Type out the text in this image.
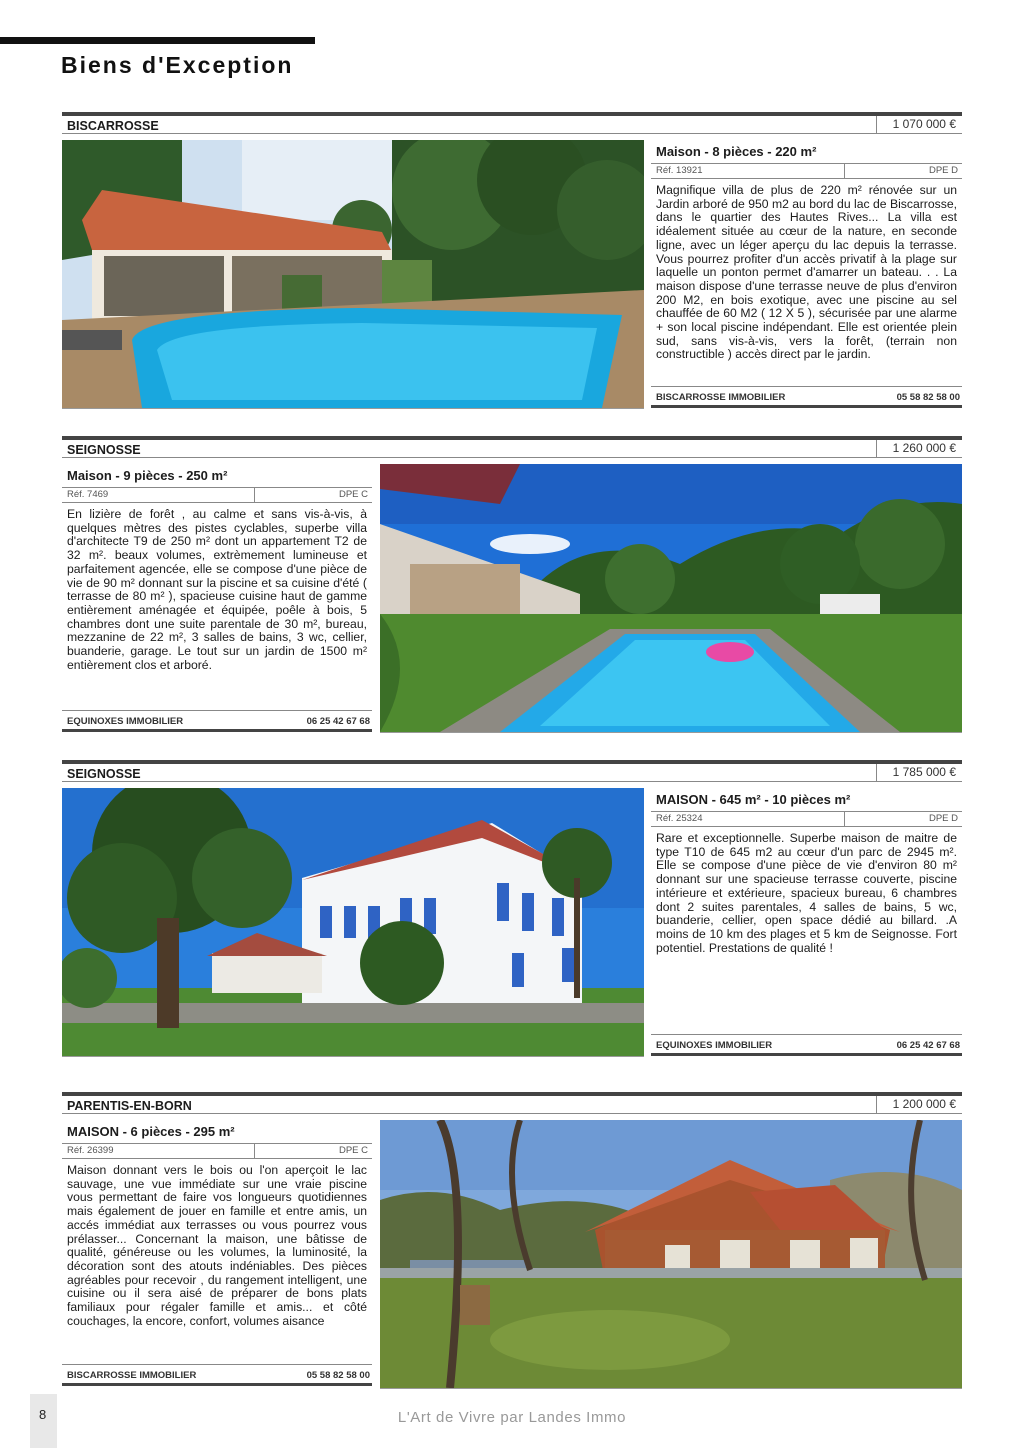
Biens d'Exception
BISCARROSSE	1 070 000 €
Maison - 8 pièces - 220 m²
Réf. 13921	DPE D

Magnifique villa de plus de 220 m² rénovée sur un Jardin arboré de 950 m2 au bord du lac de Biscarrosse, dans le quartier des Hautes Rives... La villa est idéalement située au cœur de la nature, en seconde ligne, avec un léger aperçu du lac depuis la terrasse. Vous pourrez profiter d'un accès privatif à la plage sur laquelle un ponton permet d'amarrer un bateau. . . La maison dispose d'une terrasse neuve de plus d'environ 200 M2, en bois exotique, avec une piscine au sel chauffée de 60 M2 ( 12 X 5 ), sécurisée par une alarme + son local piscine indépendant. Elle est orientée plein sud, sans vis-à-vis, vers la forêt, (terrain non constructible ) accès direct par le jardin.

BISCARROSSE IMMOBILIER	05 58 82 58 00
SEIGNOSSE	1 260 000 €
Maison - 9 pièces - 250 m²
Réf. 7469	DPE C

En lizière de forêt , au calme et sans vis-à-vis, à quelques mètres des pistes cyclables, superbe villa d'architecte T9 de 250 m² dont un appartement T2 de 32 m². beaux volumes, extrèmement lumineuse et parfaitement agencée, elle se compose d'une pièce de vie de 90 m² donnant sur la piscine et sa cuisine d'été ( terrasse de 80 m² ), spacieuse cuisine haut de gamme entièrement aménagée et équipée, poêle à bois, 5 chambres dont une suite parentale de 30 m², bureau, mezzanine de 22 m², 3 salles de bains, 3 wc, cellier, buanderie, garage. Le tout sur un jardin de 1500 m² entièrement clos et arboré.

EQUINOXES IMMOBILIER	06 25 42 67 68
SEIGNOSSE	1 785 000 €
MAISON - 645 m² - 10 pièces m²
Réf. 25324	DPE D

Rare et exceptionnelle. Superbe maison de maitre de type T10 de 645 m2 au cœur d'un parc de 2945 m². Elle se compose d'une pièce de vie d'environ 80 m² donnant sur une spacieuse terrasse couverte, piscine intérieure et extérieure, spacieux bureau, 6 chambres dont 2 suites parentales, 4 salles de bains, 5 wc, buanderie, cellier, open space dédié au billard. .A moins de 10 km des plages et 5 km de Seignosse. Fort potentiel. Prestations de qualité !

EQUINOXES IMMOBILIER	06 25 42 67 68
PARENTIS-EN-BORN	1 200 000 €
MAISON - 6 pièces - 295 m²
Réf. 26399	DPE C

Maison donnant vers le bois ou l'on aperçoit le lac sauvage, une vue immédiate sur une vraie piscine vous permettant de faire vos longueurs quotidiennes mais également de jouer en famille et entre amis, un accés immédiat aux terrasses ou vous pourrez vous prélasser... Concernant la maison, une bâtisse de qualité, généreuse ou les volumes, la luminosité, la décoration sont des atouts indéniables. Des pièces agréables pour recevoir , du rangement intelligent, une cuisine ou il sera aisé de préparer de bons plats familiaux pour régaler famille et amis... et côté couchages, la encore, confort, volumes aisance

BISCARROSSE IMMOBILIER	05 58 82 58 00
8	L'Art de Vivre par Landes Immo
